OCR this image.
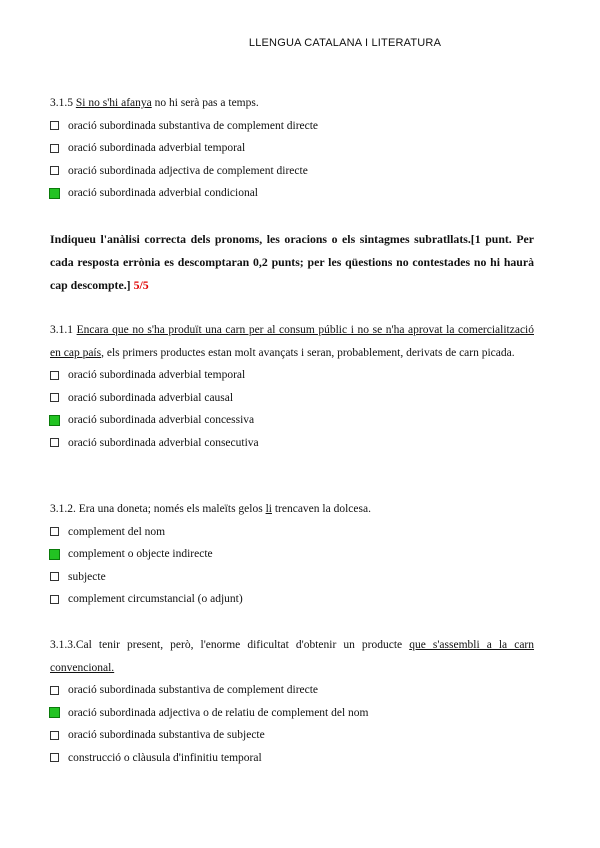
LLENGUA CATALANA I LITERATURA

3.1.5 Si no s'hi afanya no hi serà pas a temps.

oració subordinada substantiva de complement directe
oració subordinada adverbial temporal
oració subordinada adjectiva de complement directe
oració subordinada adverbial condicional
Indiqueu l'anàlisi correcta dels pronoms, les oracions o els sintagmes subratllats.[1 punt. Per cada resposta errònia es descomptaran 0,2 punts; per les qüestions no contestades no hi haurà cap descompte.] 5/5

3.1.1 Encara que no s'ha produït una carn per al consum públic i no se n'ha aprovat la comercialització en cap país, els primers productes estan molt avançats i seran, probablement, derivats de carn picada.

oració subordinada adverbial temporal
oració subordinada adverbial causal
oració subordinada adverbial concessiva
oració subordinada adverbial consecutiva

3.1.2. Era una doneta; només els maleïts gelos li trencaven la dolcesa.

complement del nom
complement o objecte indirecte
subjecte
complement circumstancial (o adjunt)

3.1.3.Cal tenir present, però, l'enorme dificultat d'obtenir un producte que s'assembli a la carn convencional.

oració subordinada substantiva de complement directe
oració subordinada adjectiva o de relatiu de complement del nom
oració subordinada substantiva de subjecte
construcció o clàusula d'infinitiu temporal
